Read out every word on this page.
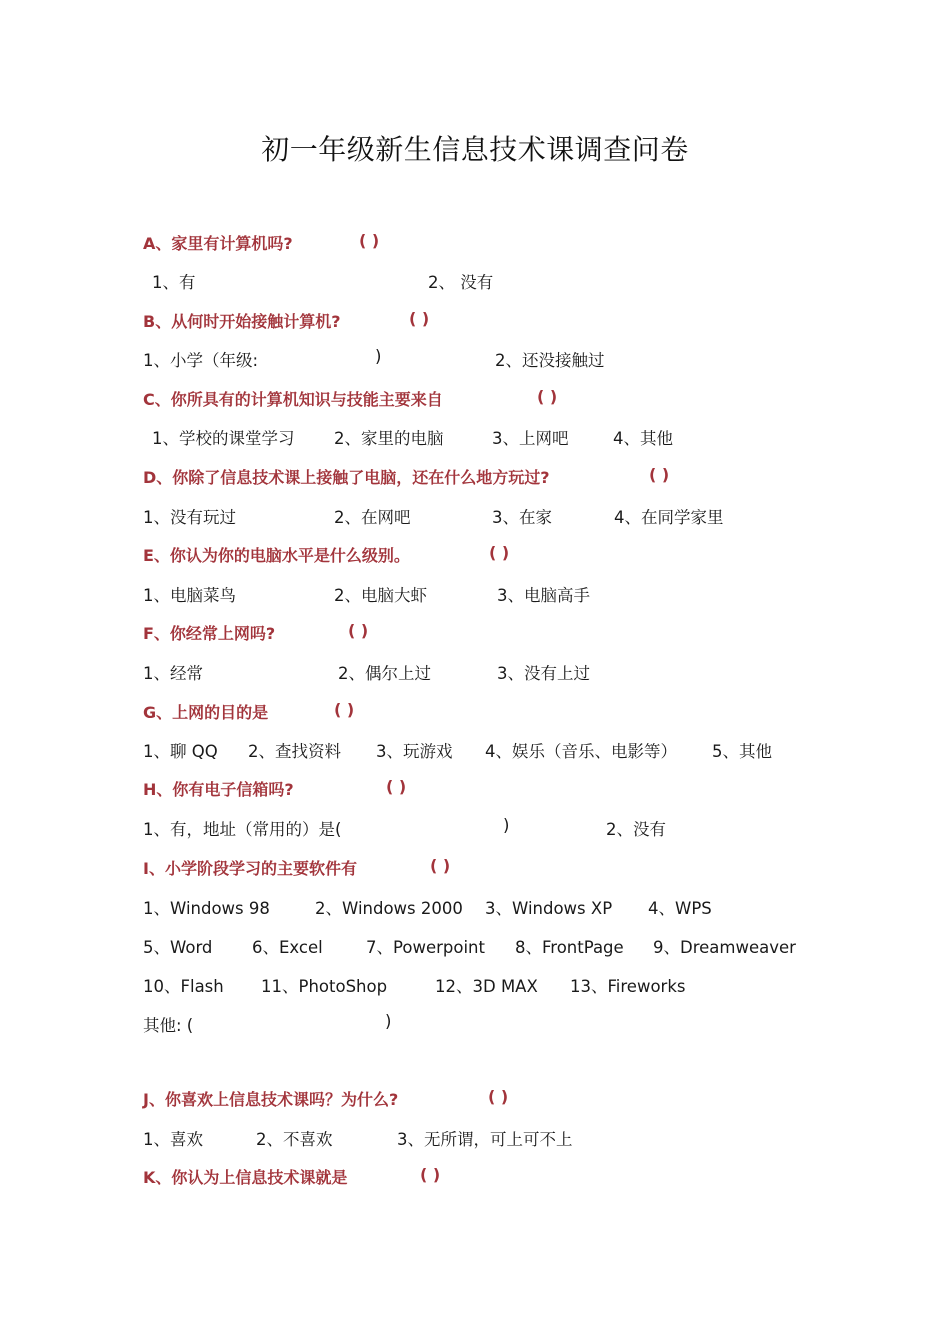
初一年级新生信息技术课调查问卷
A、家里有计算机吗?	( )
1、有	2、 没有
B、从何时开始接触计算机?	( )
1、小学（年级:	)	2、还没接触过
C、你所具有的计算机知识与技能主要来自	( )
1、学校的课堂学习 2、家里的电脑	3、上网吧	4、其他
D、你除了信息技术课上接触了电脑，还在什么地方玩过?	( )
1、没有玩过	2、在网吧	3、在家	4、在同学家里
E、你认为你的电脑水平是什么级别。	( )
1、电脑菜鸟	2、电脑大虾	3、电脑高手
F、你经常上网吗?	( )
1、经常	2、偶尔上过	3、没有上过
G、上网的目的是	( )
1、聊 QQ 2、查找资料 3、玩游戏 4、娱乐（音乐、电影等） 5、其他
H、你有电子信箱吗?	( )
1、有，地址（常用的）是(	)	2、没有
I、小学阶段学习的主要软件有	( )
1、Windows 98	2、Windows 2000 3、Windows XP 4、WPS
5、Word 6、Excel	7、Powerpoint 8、FrontPage 9、Dreamweaver
10、Flash 11、PhotoShop	12、3D MAX 13、Fireworks
其他: (	)
J、你喜欢上信息技术课吗？为什么?	( )
1、喜欢	2、不喜欢	3、无所谓，可上可不上
K、你认为上信息技术课就是	( )
